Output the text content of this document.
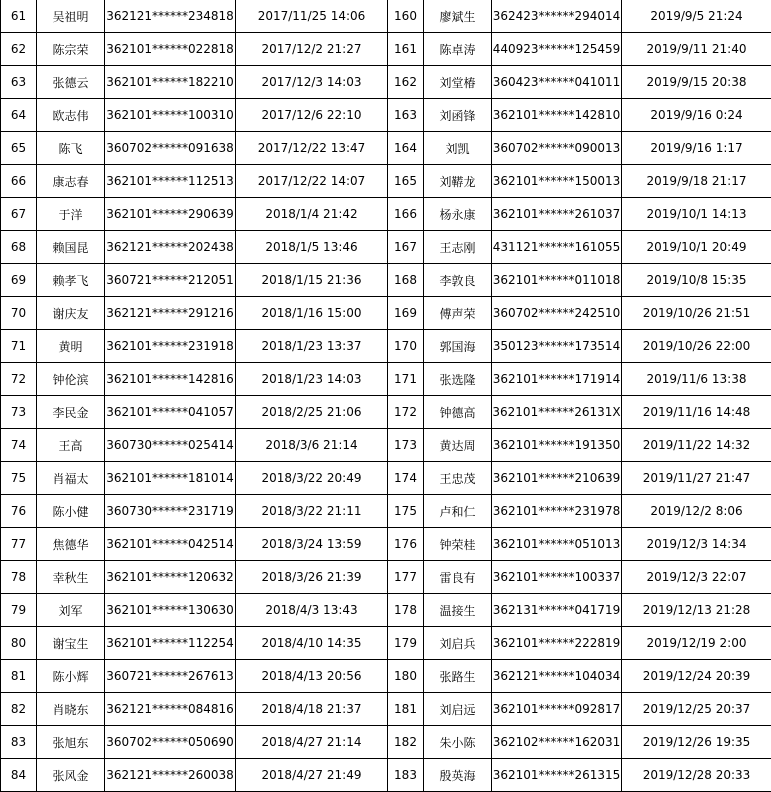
61	吴祖明	362121******234818	2017/11/25 14:06	160	廖斌生	362423******294014	2019/9/5 21:24
62	陈宗荣	362101******022818	2017/12/2 21:27	161	陈卓涛	440923******125459	2019/9/11 21:40
63	张德云	362101******182210	2017/12/3 14:03	162	刘堂椿	360423******041011	2019/9/15 20:38
64	欧志伟	362101******100310	2017/12/6 22:10	163	刘函锋	362101******142810	2019/9/16 0:24
65	陈飞	360702******091638	2017/12/22 13:47	164	刘凯	360702******090013	2019/9/16 1:17
66	康志春	362101******112513	2017/12/22 14:07	165	刘鞯龙	362101******150013	2019/9/18 21:17
67	于洋	362101******290639	2018/1/4 21:42	166	杨永康	362101******261037	2019/10/1 14:13
68	赖国昆	362121******202438	2018/1/5 13:46	167	王志刚	431121******161055	2019/10/1 20:49
69	赖孝飞	360721******212051	2018/1/15 21:36	168	李敦良	362101******011018	2019/10/8 15:35
70	谢庆友	362121******291216	2018/1/16 15:00	169	傅声荣	360702******242510	2019/10/26 21:51
71	黄明	362101******231918	2018/1/23 13:37	170	郭国海	350123******173514	2019/10/26 22:00
72	钟伦滨	362101******142816	2018/1/23 14:03	171	张选隆	362101******171914	2019/11/6 13:38
73	李民金	362101******041057	2018/2/25 21:06	172	钟德高	362101******26131X	2019/11/16 14:48
74	王高	360730******025414	2018/3/6 21:14	173	黄达周	362101******191350	2019/11/22 14:32
75	肖福太	362101******181014	2018/3/22 20:49	174	王忠茂	362101******210639	2019/11/27 21:47
76	陈小健	360730******231719	2018/3/22 21:11	175	卢和仁	362101******231978	2019/12/2 8:06
77	焦德华	362101******042514	2018/3/24 13:59	176	钟荣桂	362101******051013	2019/12/3 14:34
78	幸秋生	362101******120632	2018/3/26 21:39	177	雷良有	362101******100337	2019/12/3 22:07
79	刘军	362101******130630	2018/4/3 13:43	178	温接生	362131******041719	2019/12/13 21:28
80	谢宝生	362101******112254	2018/4/10 14:35	179	刘启兵	362101******222819	2019/12/19 2:00
81	陈小辉	360721******267613	2018/4/13 20:56	180	张路生	362121******104034	2019/12/24 20:39
82	肖晓东	362121******084816	2018/4/18 21:37	181	刘启远	362101******092817	2019/12/25 20:37
83	张旭东	360702******050690	2018/4/27 21:14	182	朱小陈	362102******162031	2019/12/26 19:35
84	张风金	362121******260038	2018/4/27 21:49	183	殷英海	362101******261315	2019/12/28 20:33
